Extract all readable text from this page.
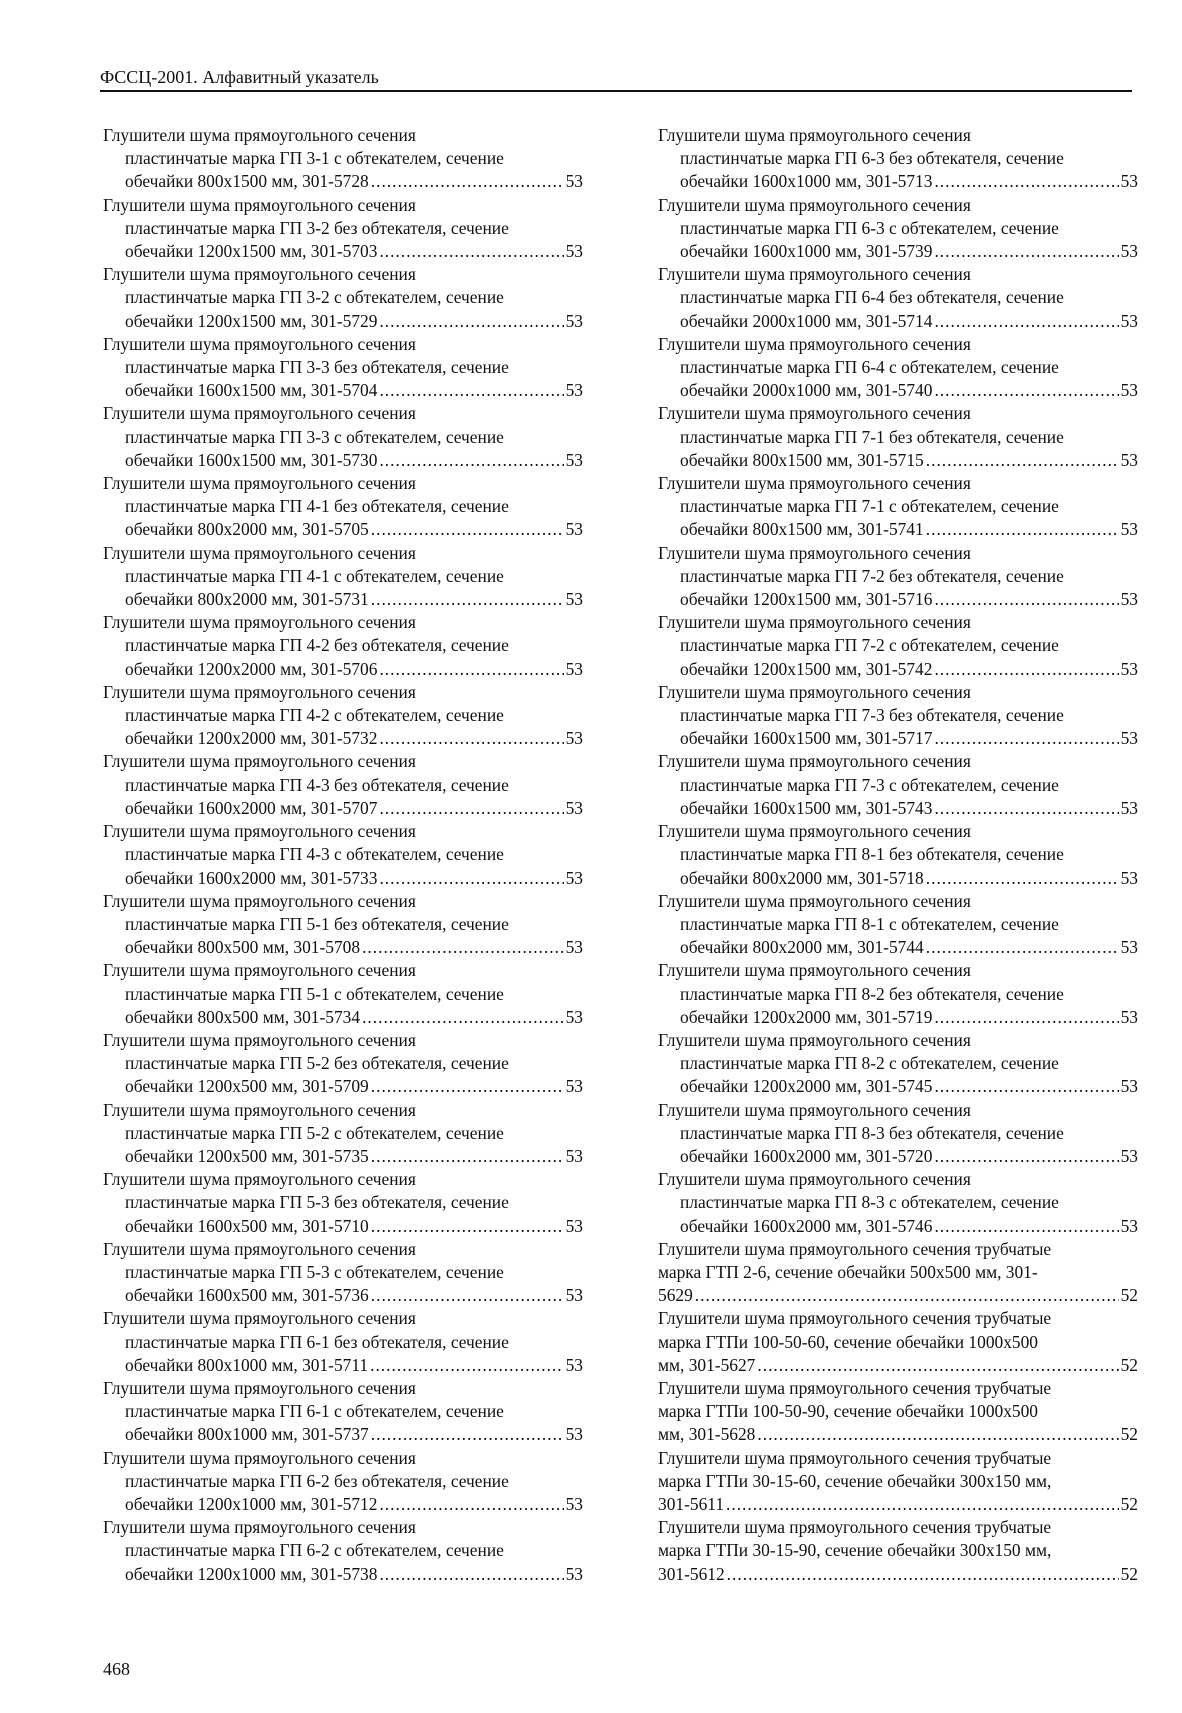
ФССЦ-2001. Алфавитный указатель
Глушители шума прямоугольного сечения
пластинчатые марка ГП 3-1 с обтекателем, сечение
обечайки 800x1500 мм, 301-5728 .....	53
Глушители шума прямоугольного сечения
пластинчатые марка ГП 3-2 без обтекателя, сечение
обечайки 1200x1500 мм, 301-5703 .....	53
Глушители шума прямоугольного сечения
пластинчатые марка ГП 3-2 с обтекателем, сечение
обечайки 1200x1500 мм, 301-5729 .....	53
Глушители шума прямоугольного сечения
пластинчатые марка ГП 3-3 без обтекателя, сечение
обечайки 1600x1500 мм, 301-5704 .....	53
Глушители шума прямоугольного сечения
пластинчатые марка ГП 3-3 с обтекателем, сечение
обечайки 1600x1500 мм, 301-5730 .....	53
Глушители шума прямоугольного сечения
пластинчатые марка ГП 4-1 без обтекателя, сечение
обечайки 800x2000 мм, 301-5705 .....	53
Глушители шума прямоугольного сечения
пластинчатые марка ГП 4-1 с обтекателем, сечение
обечайки 800x2000 мм, 301-5731 .....	53
Глушители шума прямоугольного сечения
пластинчатые марка ГП 4-2 без обтекателя, сечение
обечайки 1200x2000 мм, 301-5706 .....	53
Глушители шума прямоугольного сечения
пластинчатые марка ГП 4-2 с обтекателем, сечение
обечайки 1200x2000 мм, 301-5732 .....	53
Глушители шума прямоугольного сечения
пластинчатые марка ГП 4-3 без обтекателя, сечение
обечайки 1600x2000 мм, 301-5707 .....	53
Глушители шума прямоугольного сечения
пластинчатые марка ГП 4-3 с обтекателем, сечение
обечайки 1600x2000 мм, 301-5733 .....	53
Глушители шума прямоугольного сечения
пластинчатые марка ГП 5-1 без обтекателя, сечение
обечайки 800x500 мм, 301-5708 .....	53
Глушители шума прямоугольного сечения
пластинчатые марка ГП 5-1 с обтекателем, сечение
обечайки 800x500 мм, 301-5734 .....	53
Глушители шума прямоугольного сечения
пластинчатые марка ГП 5-2 без обтекателя, сечение
обечайки 1200x500 мм, 301-5709 .....	53
Глушители шума прямоугольного сечения
пластинчатые марка ГП 5-2 с обтекателем, сечение
обечайки 1200x500 мм, 301-5735 .....	53
Глушители шума прямоугольного сечения
пластинчатые марка ГП 5-3 без обтекателя, сечение
обечайки 1600x500 мм, 301-5710 .....	53
Глушители шума прямоугольного сечения
пластинчатые марка ГП 5-3 с обтекателем, сечение
обечайки 1600x500 мм, 301-5736 .....	53
Глушители шума прямоугольного сечения
пластинчатые марка ГП 6-1 без обтекателя, сечение
обечайки 800x1000 мм, 301-5711 .....	53
Глушители шума прямоугольного сечения
пластинчатые марка ГП 6-1 с обтекателем, сечение
обечайки 800x1000 мм, 301-5737 .....	53
Глушители шума прямоугольного сечения
пластинчатые марка ГП 6-2 без обтекателя, сечение
обечайки 1200x1000 мм, 301-5712 .....	53
Глушители шума прямоугольного сечения
пластинчатые марка ГП 6-2 с обтекателем, сечение
обечайки 1200x1000 мм, 301-5738 .....	53
Глушители шума прямоугольного сечения
пластинчатые марка ГП 6-3 без обтекателя, сечение
обечайки 1600x1000 мм, 301-5713 .....	53
Глушители шума прямоугольного сечения
пластинчатые марка ГП 6-3 с обтекателем, сечение
обечайки 1600x1000 мм, 301-5739 .....	53
Глушители шума прямоугольного сечения
пластинчатые марка ГП 6-4 без обтекателя, сечение
обечайки 2000x1000 мм, 301-5714 .....	53
Глушители шума прямоугольного сечения
пластинчатые марка ГП 6-4 с обтекателем, сечение
обечайки 2000x1000 мм, 301-5740 .....	53
Глушители шума прямоугольного сечения
пластинчатые марка ГП 7-1 без обтекателя, сечение
обечайки 800x1500 мм, 301-5715 .....	53
Глушители шума прямоугольного сечения
пластинчатые марка ГП 7-1 с обтекателем, сечение
обечайки 800x1500 мм, 301-5741 .....	53
Глушители шума прямоугольного сечения
пластинчатые марка ГП 7-2 без обтекателя, сечение
обечайки 1200x1500 мм, 301-5716 .....	53
Глушители шума прямоугольного сечения
пластинчатые марка ГП 7-2 с обтекателем, сечение
обечайки 1200x1500 мм, 301-5742 .....	53
Глушители шума прямоугольного сечения
пластинчатые марка ГП 7-3 без обтекателя, сечение
обечайки 1600x1500 мм, 301-5717 .....	53
Глушители шума прямоугольного сечения
пластинчатые марка ГП 7-3 с обтекателем, сечение
обечайки 1600x1500 мм, 301-5743 .....	53
Глушители шума прямоугольного сечения
пластинчатые марка ГП 8-1 без обтекателя, сечение
обечайки 800x2000 мм, 301-5718 .....	53
Глушители шума прямоугольного сечения
пластинчатые марка ГП 8-1 с обтекателем, сечение
обечайки 800x2000 мм, 301-5744 .....	53
Глушители шума прямоугольного сечения
пластинчатые марка ГП 8-2 без обтекателя, сечение
обечайки 1200x2000 мм, 301-5719 .....	53
Глушители шума прямоугольного сечения
пластинчатые марка ГП 8-2 с обтекателем, сечение
обечайки 1200x2000 мм, 301-5745 .....	53
Глушители шума прямоугольного сечения
пластинчатые марка ГП 8-3 без обтекателя, сечение
обечайки 1600x2000 мм, 301-5720 .....	53
Глушители шума прямоугольного сечения
пластинчатые марка ГП 8-3 с обтекателем, сечение
обечайки 1600x2000 мм, 301-5746 .....	53
Глушители шума прямоугольного сечения трубчатые
марка ГТП 2-6, сечение обечайки 500x500 мм, 301-
5629 .....	52
Глушители шума прямоугольного сечения трубчатые
марка ГТПи 100-50-60, сечение обечайки 1000x500
мм, 301-5627 .....	52
Глушители шума прямоугольного сечения трубчатые
марка ГТПи 100-50-90, сечение обечайки 1000x500
мм, 301-5628 .....	52
Глушители шума прямоугольного сечения трубчатые
марка ГТПи 30-15-60, сечение обечайки 300x150 мм,
301-5611 .....	52
Глушители шума прямоугольного сечения трубчатые
марка ГТПи 30-15-90, сечение обечайки 300x150 мм,
301-5612 .....	52
468
